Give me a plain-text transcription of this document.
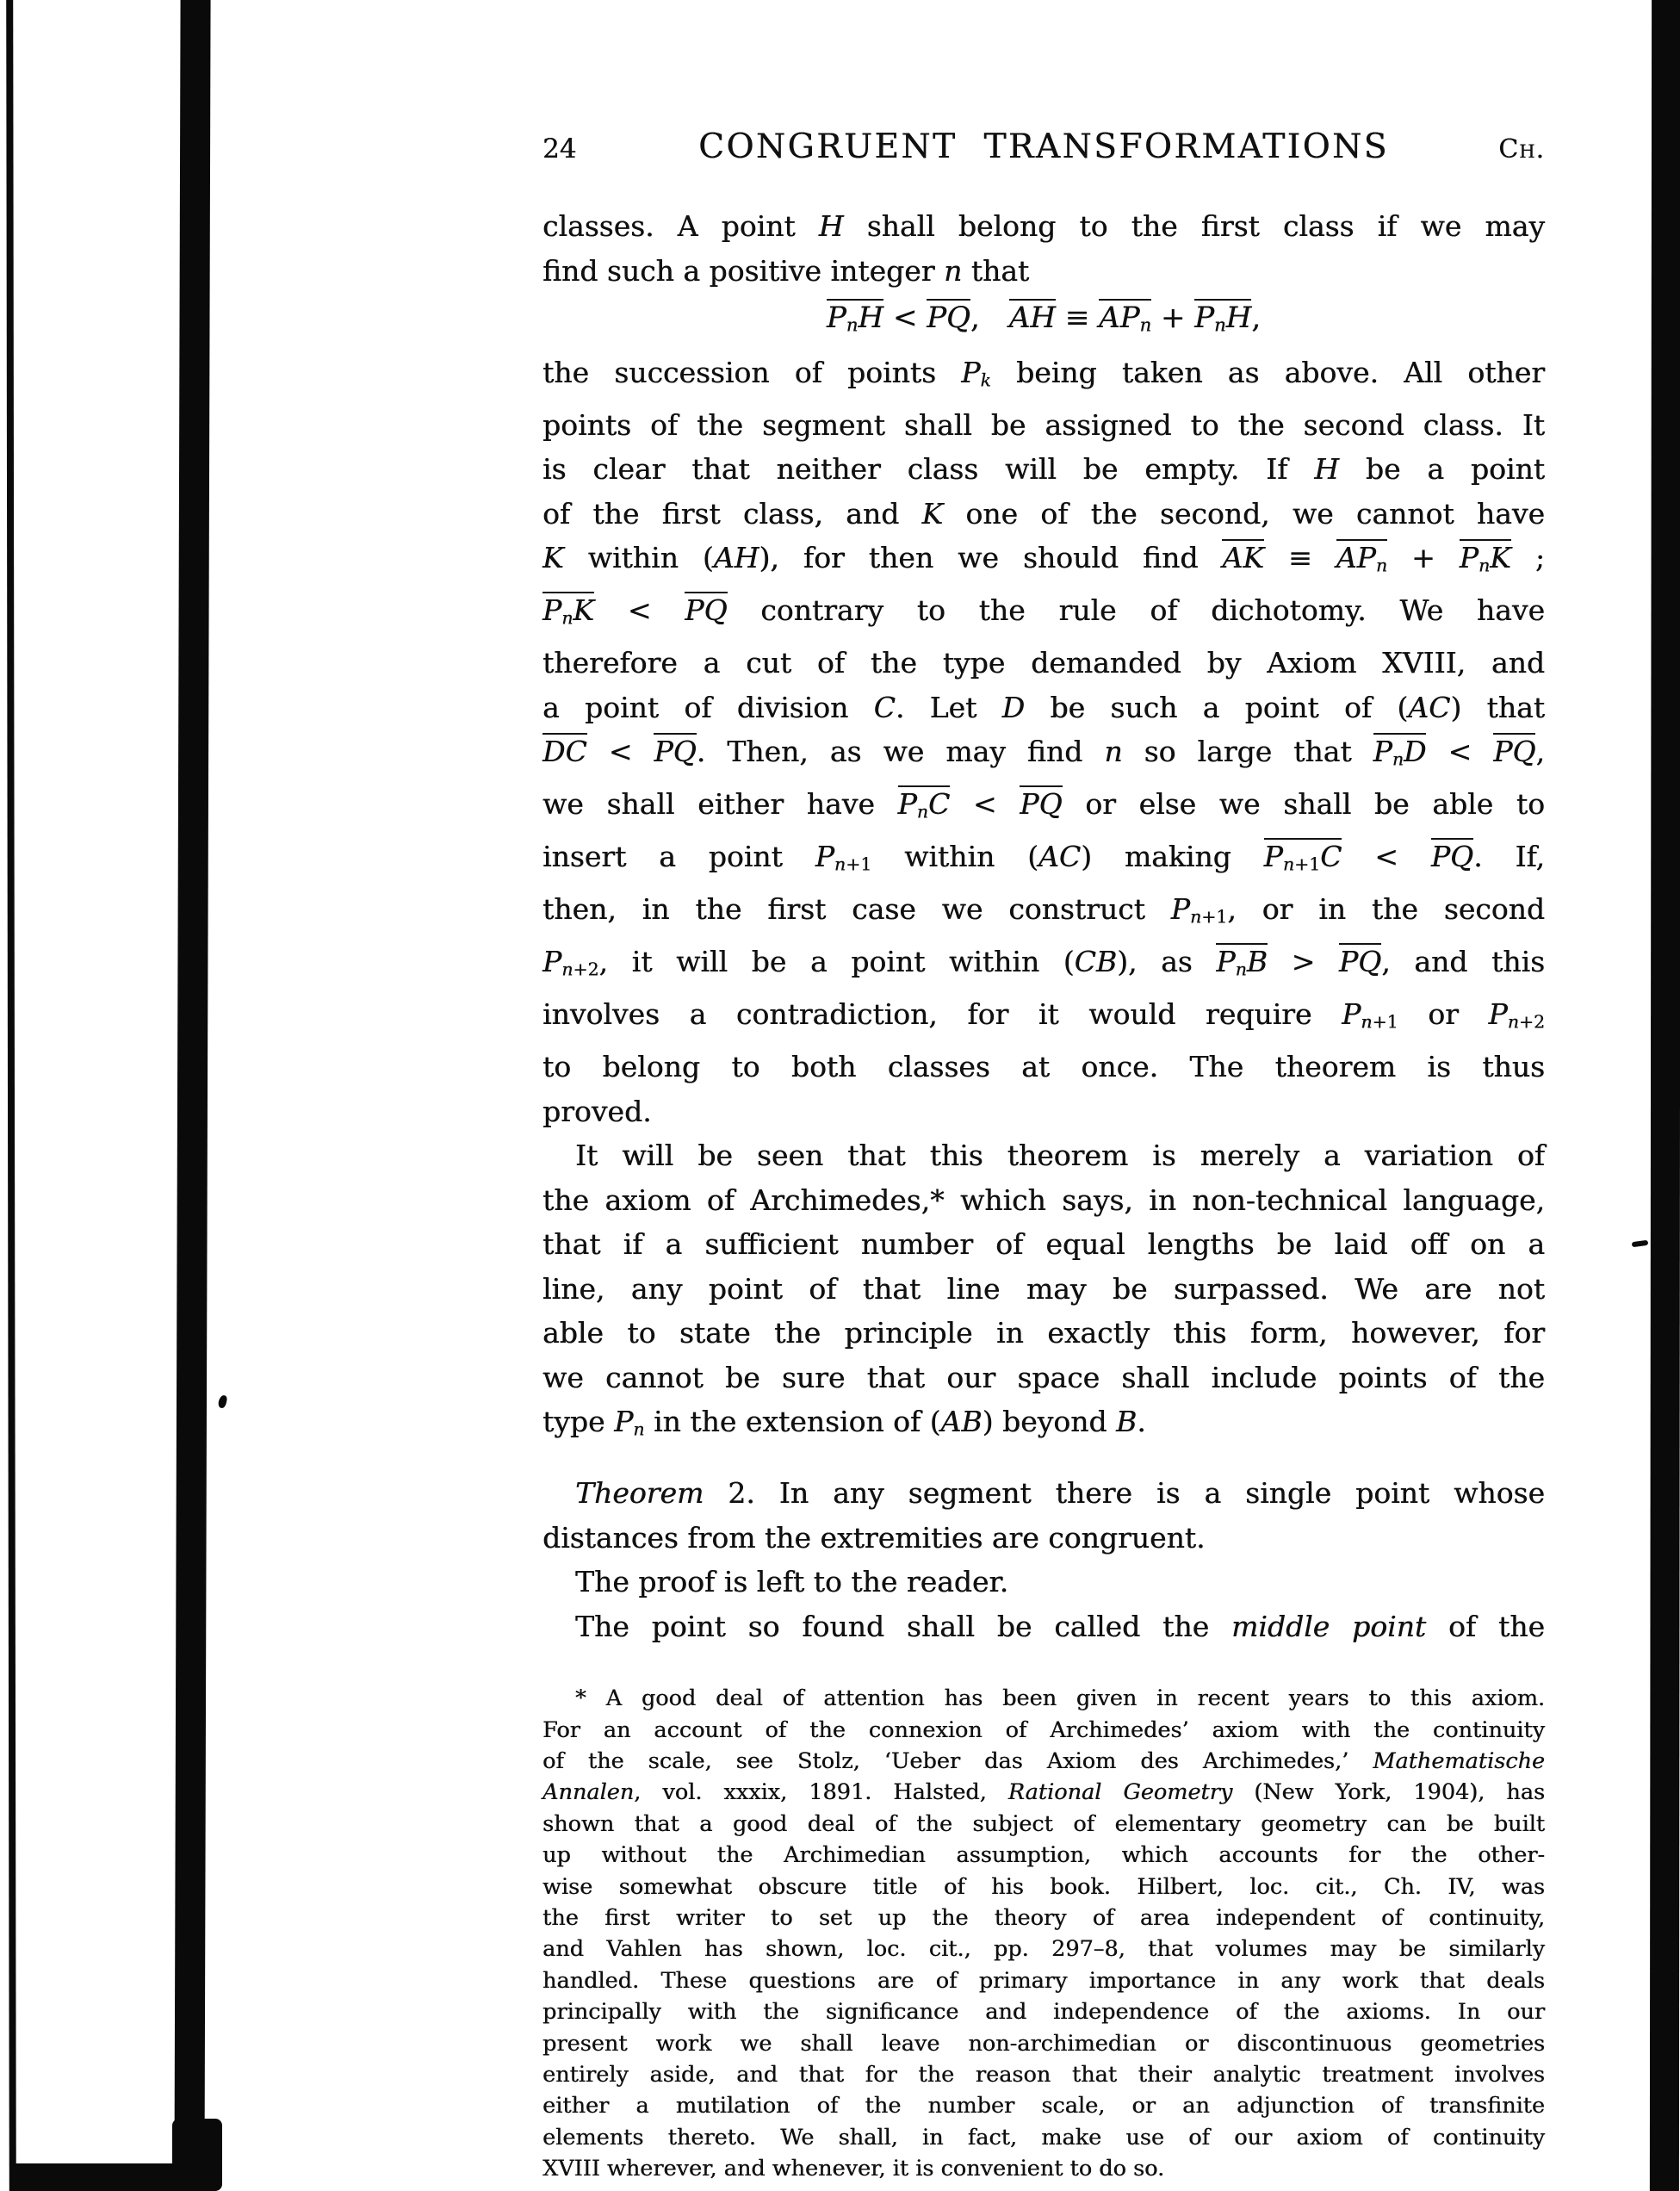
24	CONGRUENT TRANSFORMATIONS	Ch.
classes. A point H shall belong to the first class if we may
find such a positive integer n that
PnH < PQ, AH ≡ APn + PnH,
the succession of points Pk being taken as above. All other
points of the segment shall be assigned to the second class. It
is clear that neither class will be empty. If H be a point
of the first class, and K one of the second, we cannot have
K within (AH), for then we should find AK ≡ APn + PnK ;
PnK < PQ contrary to the rule of dichotomy. We have
therefore a cut of the type demanded by Axiom XVIII, and
a point of division C. Let D be such a point of (AC) that
DC < PQ. Then, as we may find n so large that PnD < PQ,
we shall either have PnC < PQ or else we shall be able to
insert a point Pn+1 within (AC) making Pn+1C < PQ. If,
then, in the first case we construct Pn+1, or in the second
Pn+2, it will be a point within (CB), as PnB > PQ, and this
involves a contradiction, for it would require Pn+1 or Pn+2
to belong to both classes at once. The theorem is thus
proved.
It will be seen that this theorem is merely a variation of
the axiom of Archimedes,* which says, in non-technical language,
that if a sufficient number of equal lengths be laid off on a
line, any point of that line may be surpassed. We are not
able to state the principle in exactly this form, however, for
we cannot be sure that our space shall include points of the
type Pn in the extension of (AB) beyond B.
Theorem 2. In any segment there is a single point whose
distances from the extremities are congruent.
The proof is left to the reader.
The point so found shall be called the middle point of the
* A good deal of attention has been given in recent years to this axiom.
For an account of the connexion of Archimedes’ axiom with the continuity
of the scale, see Stolz, ‘Ueber das Axiom des Archimedes,’ Mathematische
Annalen, vol. xxxix, 1891. Halsted, Rational Geometry (New York, 1904), has
shown that a good deal of the subject of elementary geometry can be built
up without the Archimedian assumption, which accounts for the other-
wise somewhat obscure title of his book. Hilbert, loc. cit., Ch. IV, was
the first writer to set up the theory of area independent of continuity,
and Vahlen has shown, loc. cit., pp. 297–8, that volumes may be similarly
handled. These questions are of primary importance in any work that deals
principally with the significance and independence of the axioms. In our
present work we shall leave non-archimedian or discontinuous geometries
entirely aside, and that for the reason that their analytic treatment involves
either a mutilation of the number scale, or an adjunction of transfinite
elements thereto. We shall, in fact, make use of our axiom of continuity
XVIII wherever, and whenever, it is convenient to do so.
